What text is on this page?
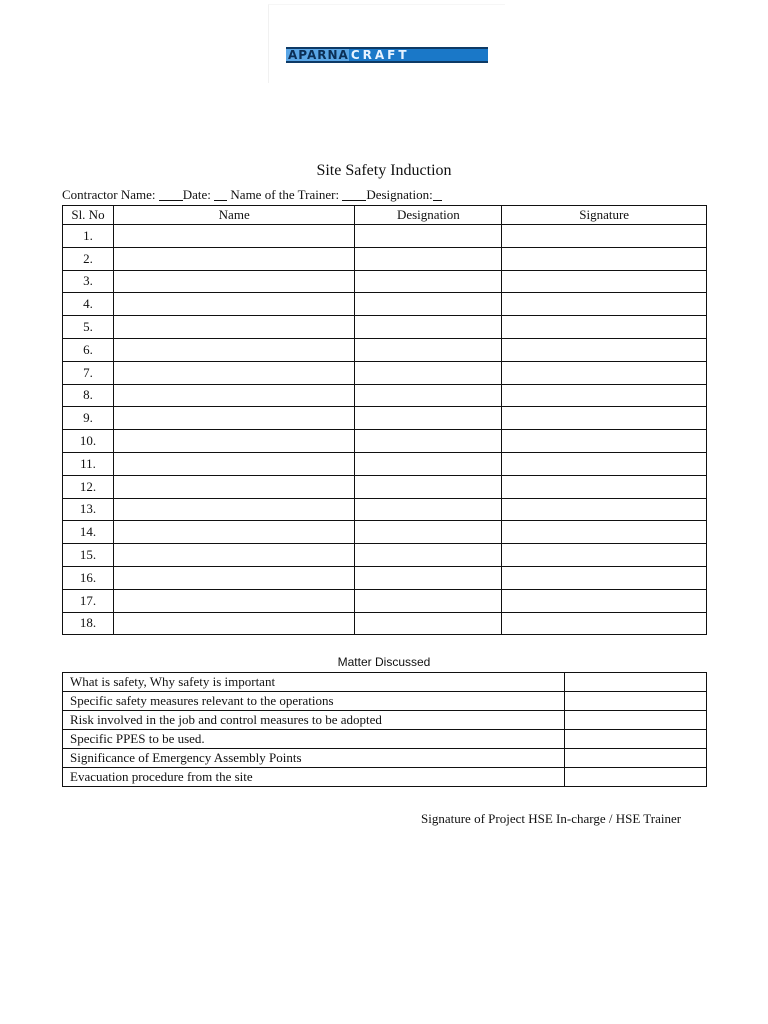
APARNA CRAFT
Site Safety Induction
Contractor Name: Date: Name of the Trainer: Designation:
Sl. No	Name	Designation	Signature
1.			
2.			
3.			
4.			
5.			
6.			
7.			
8.			
9.			
10.			
11.			
12.			
13.			
14.			
15.			
16.			
17.			
18.			
Matter Discussed
What is safety, Why safety is important	
Specific safety measures relevant to the operations	
Risk involved in the job and control measures to be adopted	
Specific PPES to be used.	
Significance of Emergency Assembly Points	
Evacuation procedure from the site	
Signature of Project HSE In-charge / HSE Trainer
